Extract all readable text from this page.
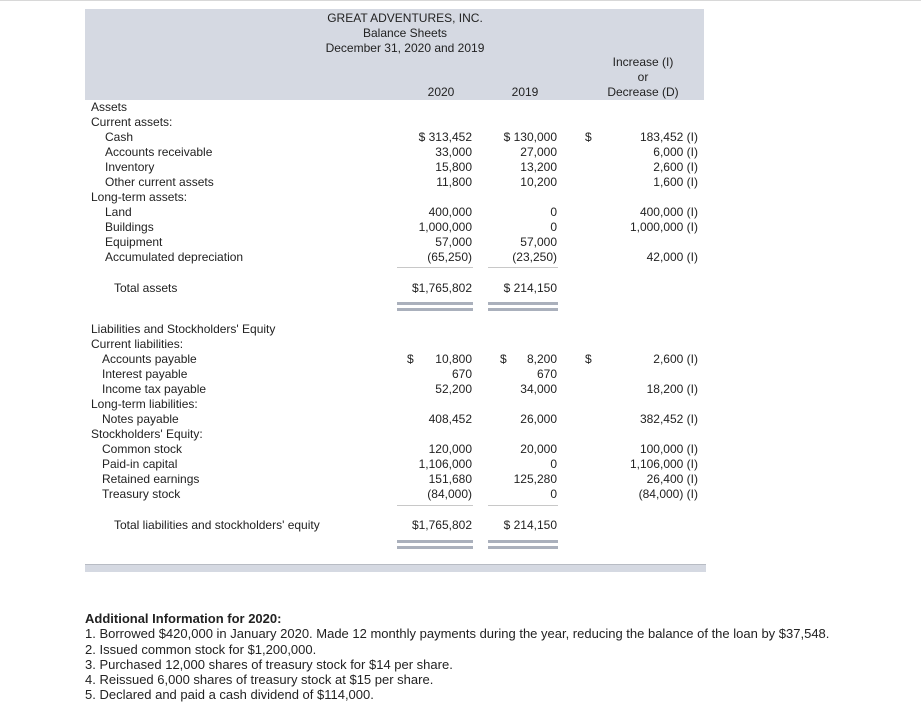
GREAT ADVENTURES, INC.
Balance Sheets
December 31, 2020 and 2019
Increase (I)
or
Decrease (D)
2020	2019
Assets
Current assets:
Cash	$ 313,452	$ 130,000 $	183,452 (I)
Accounts receivable	33,000	27,000	6,000 (I)
Inventory	15,800	13,200	2,600 (I)
Other current assets	11,800	10,200	1,600 (I)
Long-term assets:
Land	400,000	0	400,000 (I)
Buildings	1,000,000	0	1,000,000 (I)
Equipment	57,000	57,000
Accumulated depreciation	(65,250)	(23,250)	42,000 (I)
Total assets	$1,765,802	$ 214,150
Liabilities and Stockholders' Equity
Current liabilities:
Accounts payable	$	10,800 $	8,200 $	2,600 (I)
Interest payable	670	670
Income tax payable	52,200	34,000	18,200 (I)
Long-term liabilities:
Notes payable	408,452	26,000	382,452 (I)
Stockholders' Equity:
Common stock	120,000	20,000	100,000 (I)
Paid-in capital	1,106,000	0	1,106,000 (I)
Retained earnings	151,680	125,280	26,400 (I)
Treasury stock	(84,000)	0	(84,000) (I)
Total liabilities and stockholders' equity	$1,765,802	$ 214,150
Additional Information for 2020:
1. Borrowed $420,000 in January 2020. Made 12 monthly payments during the year, reducing the balance of the loan by $37,548.
2. Issued common stock for $1,200,000.
3. Purchased 12,000 shares of treasury stock for $14 per share.
4. Reissued 6,000 shares of treasury stock at $15 per share.
5. Declared and paid a cash dividend of $114,000.
